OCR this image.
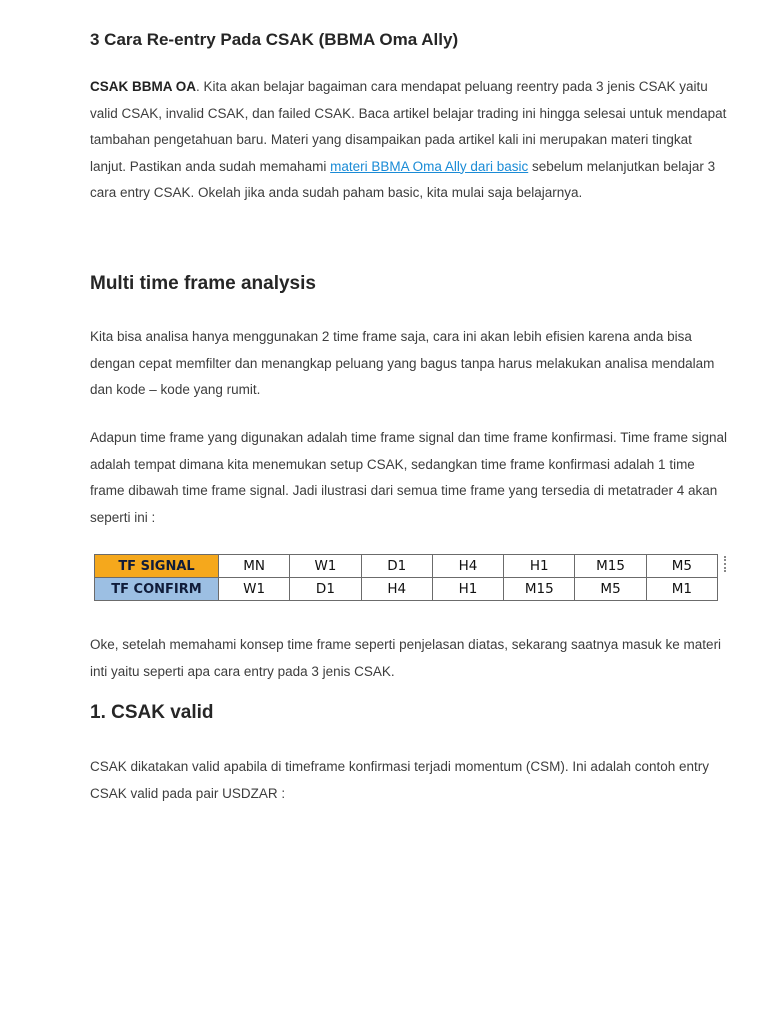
3 Cara Re-entry Pada CSAK (BBMA Oma Ally)

CSAK BBMA OA. Kita akan belajar bagaiman cara mendapat peluang reentry pada 3 jenis CSAK yaitu valid CSAK, invalid CSAK, dan failed CSAK. Baca artikel belajar trading ini hingga selesai untuk mendapat tambahan pengetahuan baru. Materi yang disampaikan pada artikel kali ini merupakan materi tingkat lanjut. Pastikan anda sudah memahami materi BBMA Oma Ally dari basic sebelum melanjutkan belajar 3 cara entry CSAK. Okelah jika anda sudah paham basic, kita mulai saja belajarnya.

Multi time frame analysis

Kita bisa analisa hanya menggunakan 2 time frame saja, cara ini akan lebih efisien karena anda bisa dengan cepat memfilter dan menangkap peluang yang bagus tanpa harus melakukan analisa mendalam dan kode – kode yang rumit.

Adapun time frame yang digunakan adalah time frame signal dan time frame konfirmasi. Time frame signal adalah tempat dimana kita menemukan setup CSAK, sedangkan time frame konfirmasi adalah 1 time frame dibawah time frame signal. Jadi ilustrasi dari semua time frame yang tersedia di metatrader 4 akan seperti ini :

TF SIGNAL	MN	W1	D1	H4	H1	M15	M5
TF CONFIRM	W1	D1	H4	H1	M15	M5	M1

Oke, setelah memahami konsep time frame seperti penjelasan diatas, sekarang saatnya masuk ke materi inti yaitu seperti apa cara entry pada 3 jenis CSAK.

1. CSAK valid

CSAK dikatakan valid apabila di timeframe konfirmasi terjadi momentum (CSM). Ini adalah contoh entry CSAK valid pada pair USDZAR :
